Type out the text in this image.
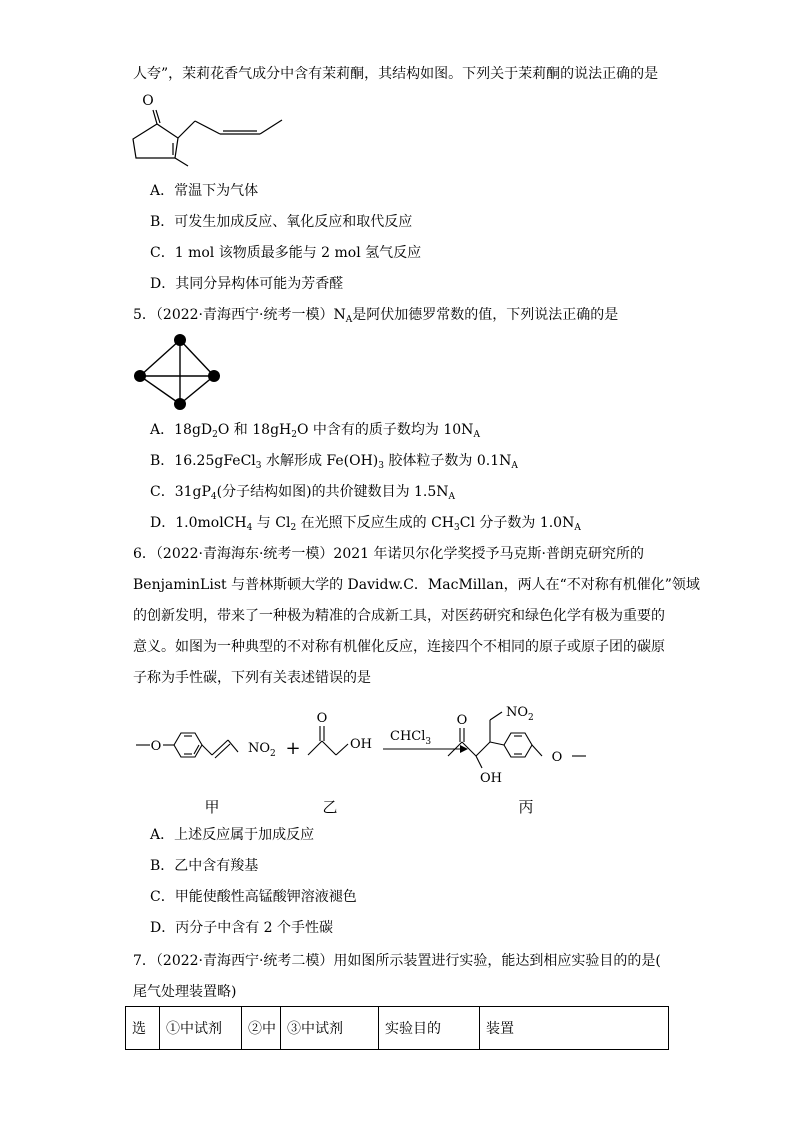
人夸”，茉莉花香气成分中含有茉莉酮，其结构如图。下列关于茉莉酮的说法正确的是
O
A．常温下为气体
B．可发生加成反应、氧化反应和取代反应
C．1 mol 该物质最多能与 2 mol 氢气反应
D．其同分异构体可能为芳香醛
5．（2022·青海西宁·统考一模）$N_A$是阿伏加德罗常数的值，下列说法正确的是
A．$18gD_2O$ 和 $18gH_2O$ 中含有的质子数均为 $10N_A$
B．16.25gFeCl$_3$ 水解形成 $Fe(OH)_3$ 胶体粒子数为 $0.1N_A$
C．$31gP_4$(分子结构如图)的共价键数目为 $1.5N_A$
D．1.0molCH$_4$ 与 $Cl_2$ 在光照下反应生成的 $CH_3Cl$ 分子数为 $1.0N_A$
6．（2022·青海海东·统考一模）2021 年诺贝尔化学奖授予马克斯·普朗克研究所的
BenjaminList 与普林斯顿大学的 Davidw.C．MacMillan，两人在“不对称有机催化”领域
的创新发明，带来了一种极为精准的合成新工具，对医药研究和绿色化学有极为重要的
意义。如图为一种典型的不对称有机催化反应，连接四个不相同的原子或原子团的碳原
子称为手性碳，下列有关表述错误的是
O	$NO_2$ +
O
OH
CHCl$_3$
O
OH
$NO_2$
O
甲	乙	丙
A．上述反应属于加成反应
B．乙中含有羧基
C．甲能使酸性高锰酸钾溶液褪色
D．丙分子中含有 2 个手性碳
7．（2022·青海西宁·统考二模）用如图所示装置进行实验，能达到相应实验目的的是(
尾气处理装置略)
选	①中试剂	②中	③中试剂	实验目的	装置
